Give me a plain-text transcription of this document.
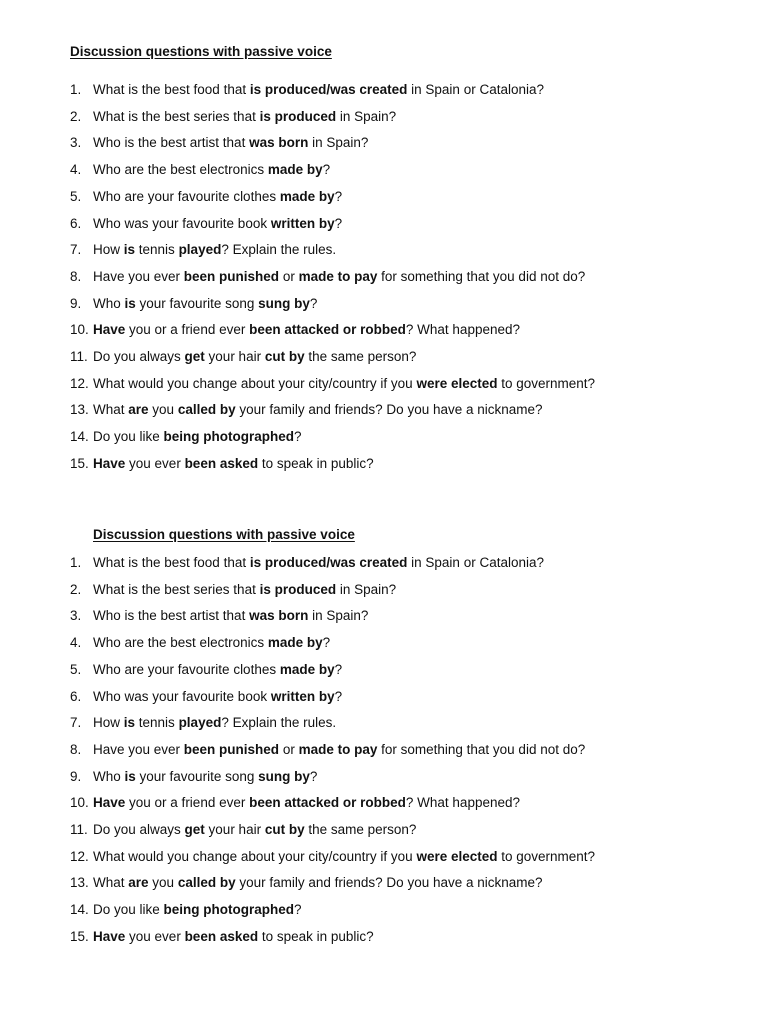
Discussion questions with passive voice
1. What is the best food that is produced/was created in Spain or Catalonia?
2. What is the best series that is produced in Spain?
3. Who is the best artist that was born in Spain?
4. Who are the best electronics made by?
5. Who are your favourite clothes made by?
6. Who was your favourite book written by?
7. How is tennis played? Explain the rules.
8. Have you ever been punished or made to pay for something that you did not do?
9. Who is your favourite song sung by?
10. Have you or a friend ever been attacked or robbed? What happened?
11. Do you always get your hair cut by the same person?
12. What would you change about your city/country if you were elected to government?
13. What are you called by your family and friends? Do you have a nickname?
14. Do you like being photographed?
15. Have you ever been asked to speak in public?
Discussion questions with passive voice
1. What is the best food that is produced/was created in Spain or Catalonia?
2. What is the best series that is produced in Spain?
3. Who is the best artist that was born in Spain?
4. Who are the best electronics made by?
5. Who are your favourite clothes made by?
6. Who was your favourite book written by?
7. How is tennis played? Explain the rules.
8. Have you ever been punished or made to pay for something that you did not do?
9. Who is your favourite song sung by?
10. Have you or a friend ever been attacked or robbed? What happened?
11. Do you always get your hair cut by the same person?
12. What would you change about your city/country if you were elected to government?
13. What are you called by your family and friends? Do you have a nickname?
14. Do you like being photographed?
15. Have you ever been asked to speak in public?
